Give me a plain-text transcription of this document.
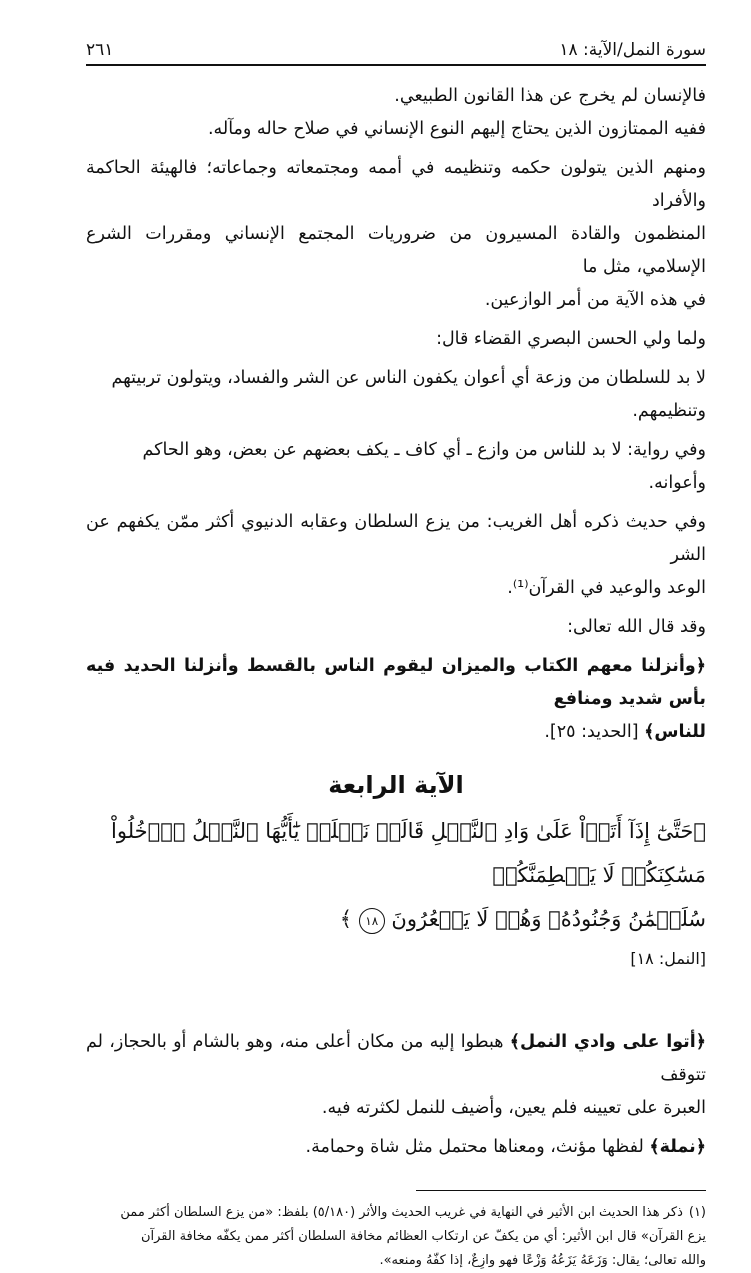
سورة النمل/الآية: ١٨
٢٦١

فالإنسان لم يخرج عن هذا القانون الطبيعي.
ففيه الممتازون الذين يحتاج إليهم النوع الإنساني في صلاح حاله ومآله.

ومنهم الذين يتولون حكمه وتنظيمه في أممه ومجتمعاته وجماعاته؛ فالهيئة الحاكمة والأفراد
المنظمون والقادة المسيرون من ضروريات المجتمع الإنساني ومقررات الشرع الإسلامي، مثل ما
في هذه الآية من أمر الوازعين.

ولما ولي الحسن البصري القضاء قال:

لا بد للسلطان من وزعة أي أعوان يكفون الناس عن الشر والفساد، ويتولون تربيتهم
وتنظيمهم.

وفي رواية: لا بد للناس من وازع ـ أي كاف ـ يكف بعضهم عن بعض، وهو الحاكم
وأعوانه.

وفي حديث ذكره أهل الغريب: من يزع السلطان وعقابه الدنيوي أكثر ممّن يكفهم عن الشر
الوعد والوعيد في القرآن⁽¹⁾.

وقد قال الله تعالى:

﴿وأنزلنا معهم الكتاب والميزان ليقوم الناس بالقسط وأنزلنا الحديد فيه بأس شديد ومنافع
للناس﴾ [الحديد: ٢٥].

الآية الرابعة

﴿حَتَّىٰٓ إِذَآ أَتَوۡاْ عَلَىٰ وَادِ ٱلنَّمۡلِ قَالَتۡ نَمۡلَةٞ يَٰٓأَيُّهَا ٱلنَّمۡلُ ٱدۡخُلُواْ مَسَٰكِنَكُمۡ لَا يَحۡطِمَنَّكُمۡ

سُلَيۡمَٰنُ وَجُنُودُهُۥ وَهُمۡ لَا يَشۡعُرُونَ ١٨ ﴾

[النمل: ١٨]

﴿أتوا على وادي النمل﴾ هبطوا إليه من مكان أعلى منه، وهو بالشام أو بالحجاز، لم تتوقف
العبرة على تعيينه فلم يعين، وأضيف للنمل لكثرته فيه.

﴿نملة﴾ لفظها مؤنث، ومعناها محتمل مثل شاة وحمامة.

(١)ذكر هذا الحديث ابن الأثير في النهاية في غريب الحديث والأثر (٥/١٨٠) بلفظ: «من يزع السلطان أكثر ممن
يزع القرآن» قال ابن الأثير: أي من يكفّ عن ارتكاب العظائم مخافة السلطان أكثر ممن يكفّه مخافة القرآن
والله تعالى؛ يقال: وَزَعَهُ يَزَعُهُ وَزْعًا فهو وازِعٌ، إذا كفّهُ ومنعه».
